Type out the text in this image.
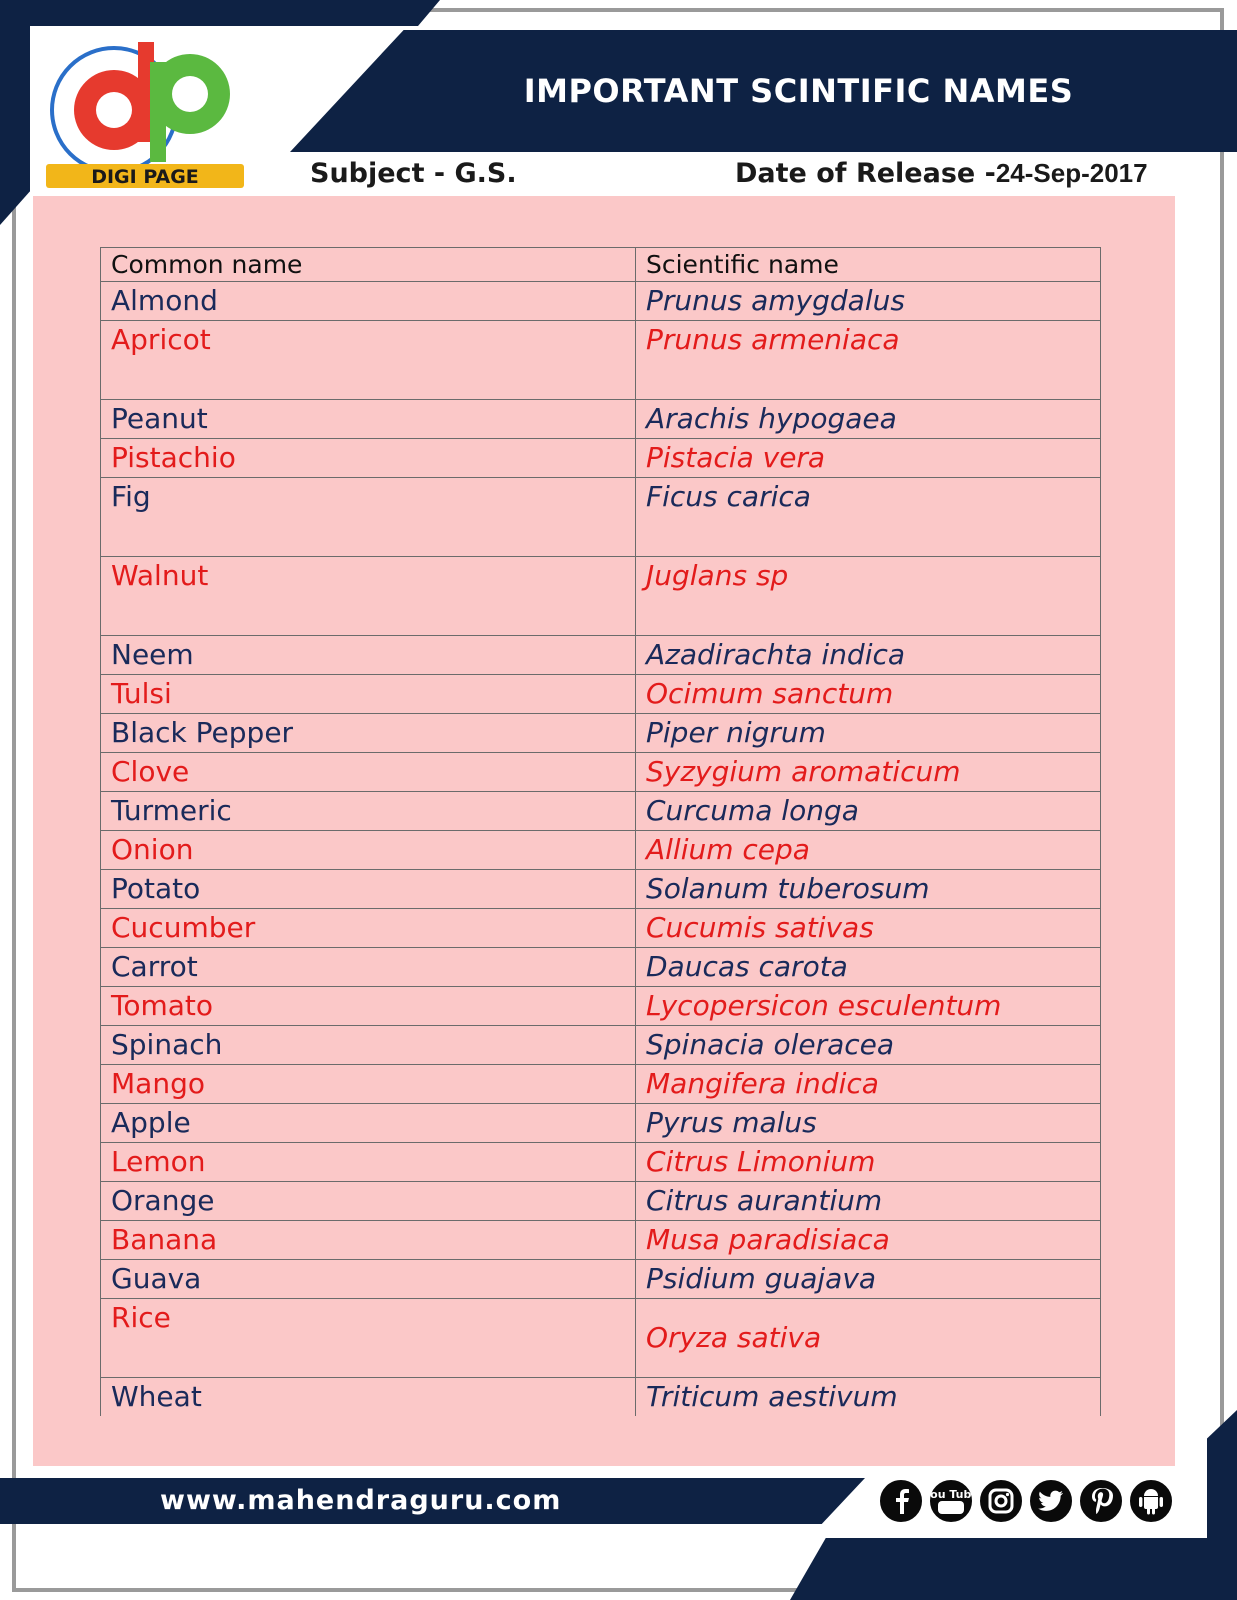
IMPORTANT SCINTIFIC NAMES
DIGI PAGE	Subject - G.S.	Date of Release -24-Sep-2017
Common name	Scientific name
Almond	Prunus amygdalus
Apricot	Prunus armeniaca
Peanut	Arachis hypogaea
Pistachio	Pistacia vera
Fig	Ficus carica
Walnut	Juglans sp
Neem	Azadirachta indica
Tulsi	Ocimum sanctum
Black Pepper	Piper nigrum
Clove	Syzygium aromaticum
Turmeric	Curcuma longa
Onion	Allium cepa
Potato	Solanum tuberosum
Cucumber	Cucumis sativas
Carrot	Daucas carota
Tomato	Lycopersicon esculentum
Spinach	Spinacia oleracea
Mango	Mangifera indica
Apple	Pyrus malus
Lemon	Citrus Limonium
Orange	Citrus aurantium
Banana	Musa paradisiaca
Guava	Psidium guajava
Rice	Oryza sativa
Wheat	Triticum aestivum
www.mahendraguru.com	You Tube
